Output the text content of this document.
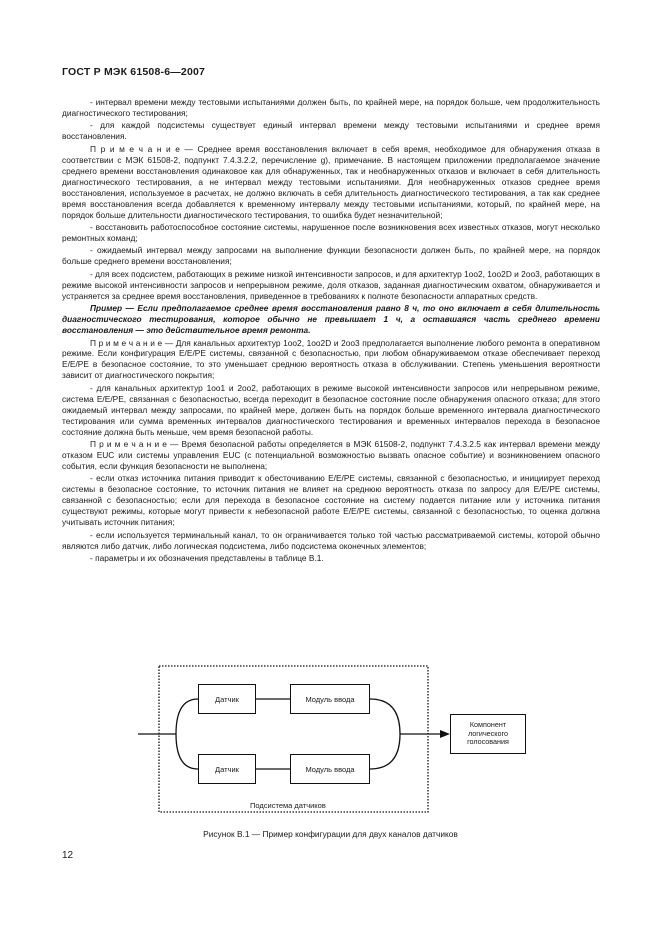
ГОСТ Р МЭК 61508-6—2007

- интервал времени между тестовыми испытаниями должен быть, по крайней мере, на порядок больше, чем продолжительность диагностического тестирования;

- для каждой подсистемы существует единый интервал времени между тестовыми испытаниями и среднее время восстановления.

П р и м е ч а н и е — Среднее время восстановления включает в себя время, необходимое для обнаружения отказа в соответствии с МЭК 61508-2, подпункт 7.4.3.2.2, перечисление g), примечание. В настоящем приложении предполагаемое значение среднего времени восстановления одинаковое как для обнаруженных, так и необнаруженных отказов и включает в себя длительность диагностического тестирования, а не интервал между тестовыми испытаниями. Для необнаруженных отказов среднее время восстановления, используемое в расчетах, не должно включать в себя длительность диагностического тестирования, а так как среднее время восстановления всегда добавляется к временному интервалу между тестовыми испытаниями, который, по крайней мере, на порядок больше длительности диагностического тестирования, то ошибка будет незначительной;

- восстановить работоспособное состояние системы, нарушенное после возникновения всех известных отказов, могут несколько ремонтных команд;

- ожидаемый интервал между запросами на выполнение функции безопасности должен быть, по крайней мере, на порядок больше среднего времени восстановления;

- для всех подсистем, работающих в режиме низкой интенсивности запросов, и для архитектур 1oo2, 1oo2D и 2oo3, работающих в режиме высокой интенсивности запросов и непрерывном режиме, доля отказов, заданная диагностическим охватом, обнаруживается и устраняется за среднее время восстановления, приведенное в требованиях к полноте безопасности аппаратных средств.

Пример — Если предполагаемое среднее время восстановления равно 8 ч, то оно включает в себя длительность диагностического тестирования, которое обычно не превышает 1 ч, а оставшаяся часть среднего времени восстановления — это действительное время ремонта.

П р и м е ч а н и е — Для канальных архитектур 1oo2, 1oo2D и 2oo3 предполагается выполнение любого ремонта в оперативном режиме. Если конфигурация E/E/PE системы, связанной с безопасностью, при любом обнаруживаемом отказе обеспечивает переход E/E/PE в безопасное состояние, то это уменьшает среднюю вероятность отказа в обслуживании. Степень уменьшения вероятности зависит от диагностического покрытия;

- для канальных архитектур 1oo1 и 2oo2, работающих в режиме высокой интенсивности запросов или непрерывном режиме, система E/E/PE, связанная с безопасностью, всегда переходит в безопасное состояние после обнаружения опасного отказа; для этого ожидаемый интервал между запросами, по крайней мере, должен быть на порядок больше временного интервала диагностического тестирования или сумма временных интервалов диагностического тестирования и временных интервалов перехода в безопасное состояние должна быть меньше, чем время безопасной работы.

П р и м е ч а н и е — Время безопасной работы определяется в МЭК 61508-2, подпункт 7.4.3.2.5 как интервал времени между отказом EUC или системы управления EUC (с потенциальной возможностью вызвать опасное событие) и возникновением опасного события, если функция безопасности не выполнена;

- если отказ источника питания приводит к обесточиванию E/E/PE системы, связанной с безопасностью, и инициирует переход системы в безопасное состояние, то источник питания не влияет на среднюю вероятность отказа по запросу для E/E/PE системы, связанной с безопасностью; если для перехода в безопасное состояние на систему подается питание или у источника питания существуют режимы, которые могут привести к небезопасной работе E/E/PE системы, связанной с безопасностью, то оценка должна учитывать источник питания;

- если используется терминальный канал, то он ограничивается только той частью рассматриваемой системы, которой обычно являются либо датчик, либо логическая подсистема, либо подсистема оконечных элементов;

- параметры и их обозначения представлены в таблице B.1.

Датчик	Модуль ввода
Датчик	Модуль ввода
Компонент логического голосования
Подсистема датчиков
Рисунок B.1 — Пример конфигурации для двух каналов датчиков
12
